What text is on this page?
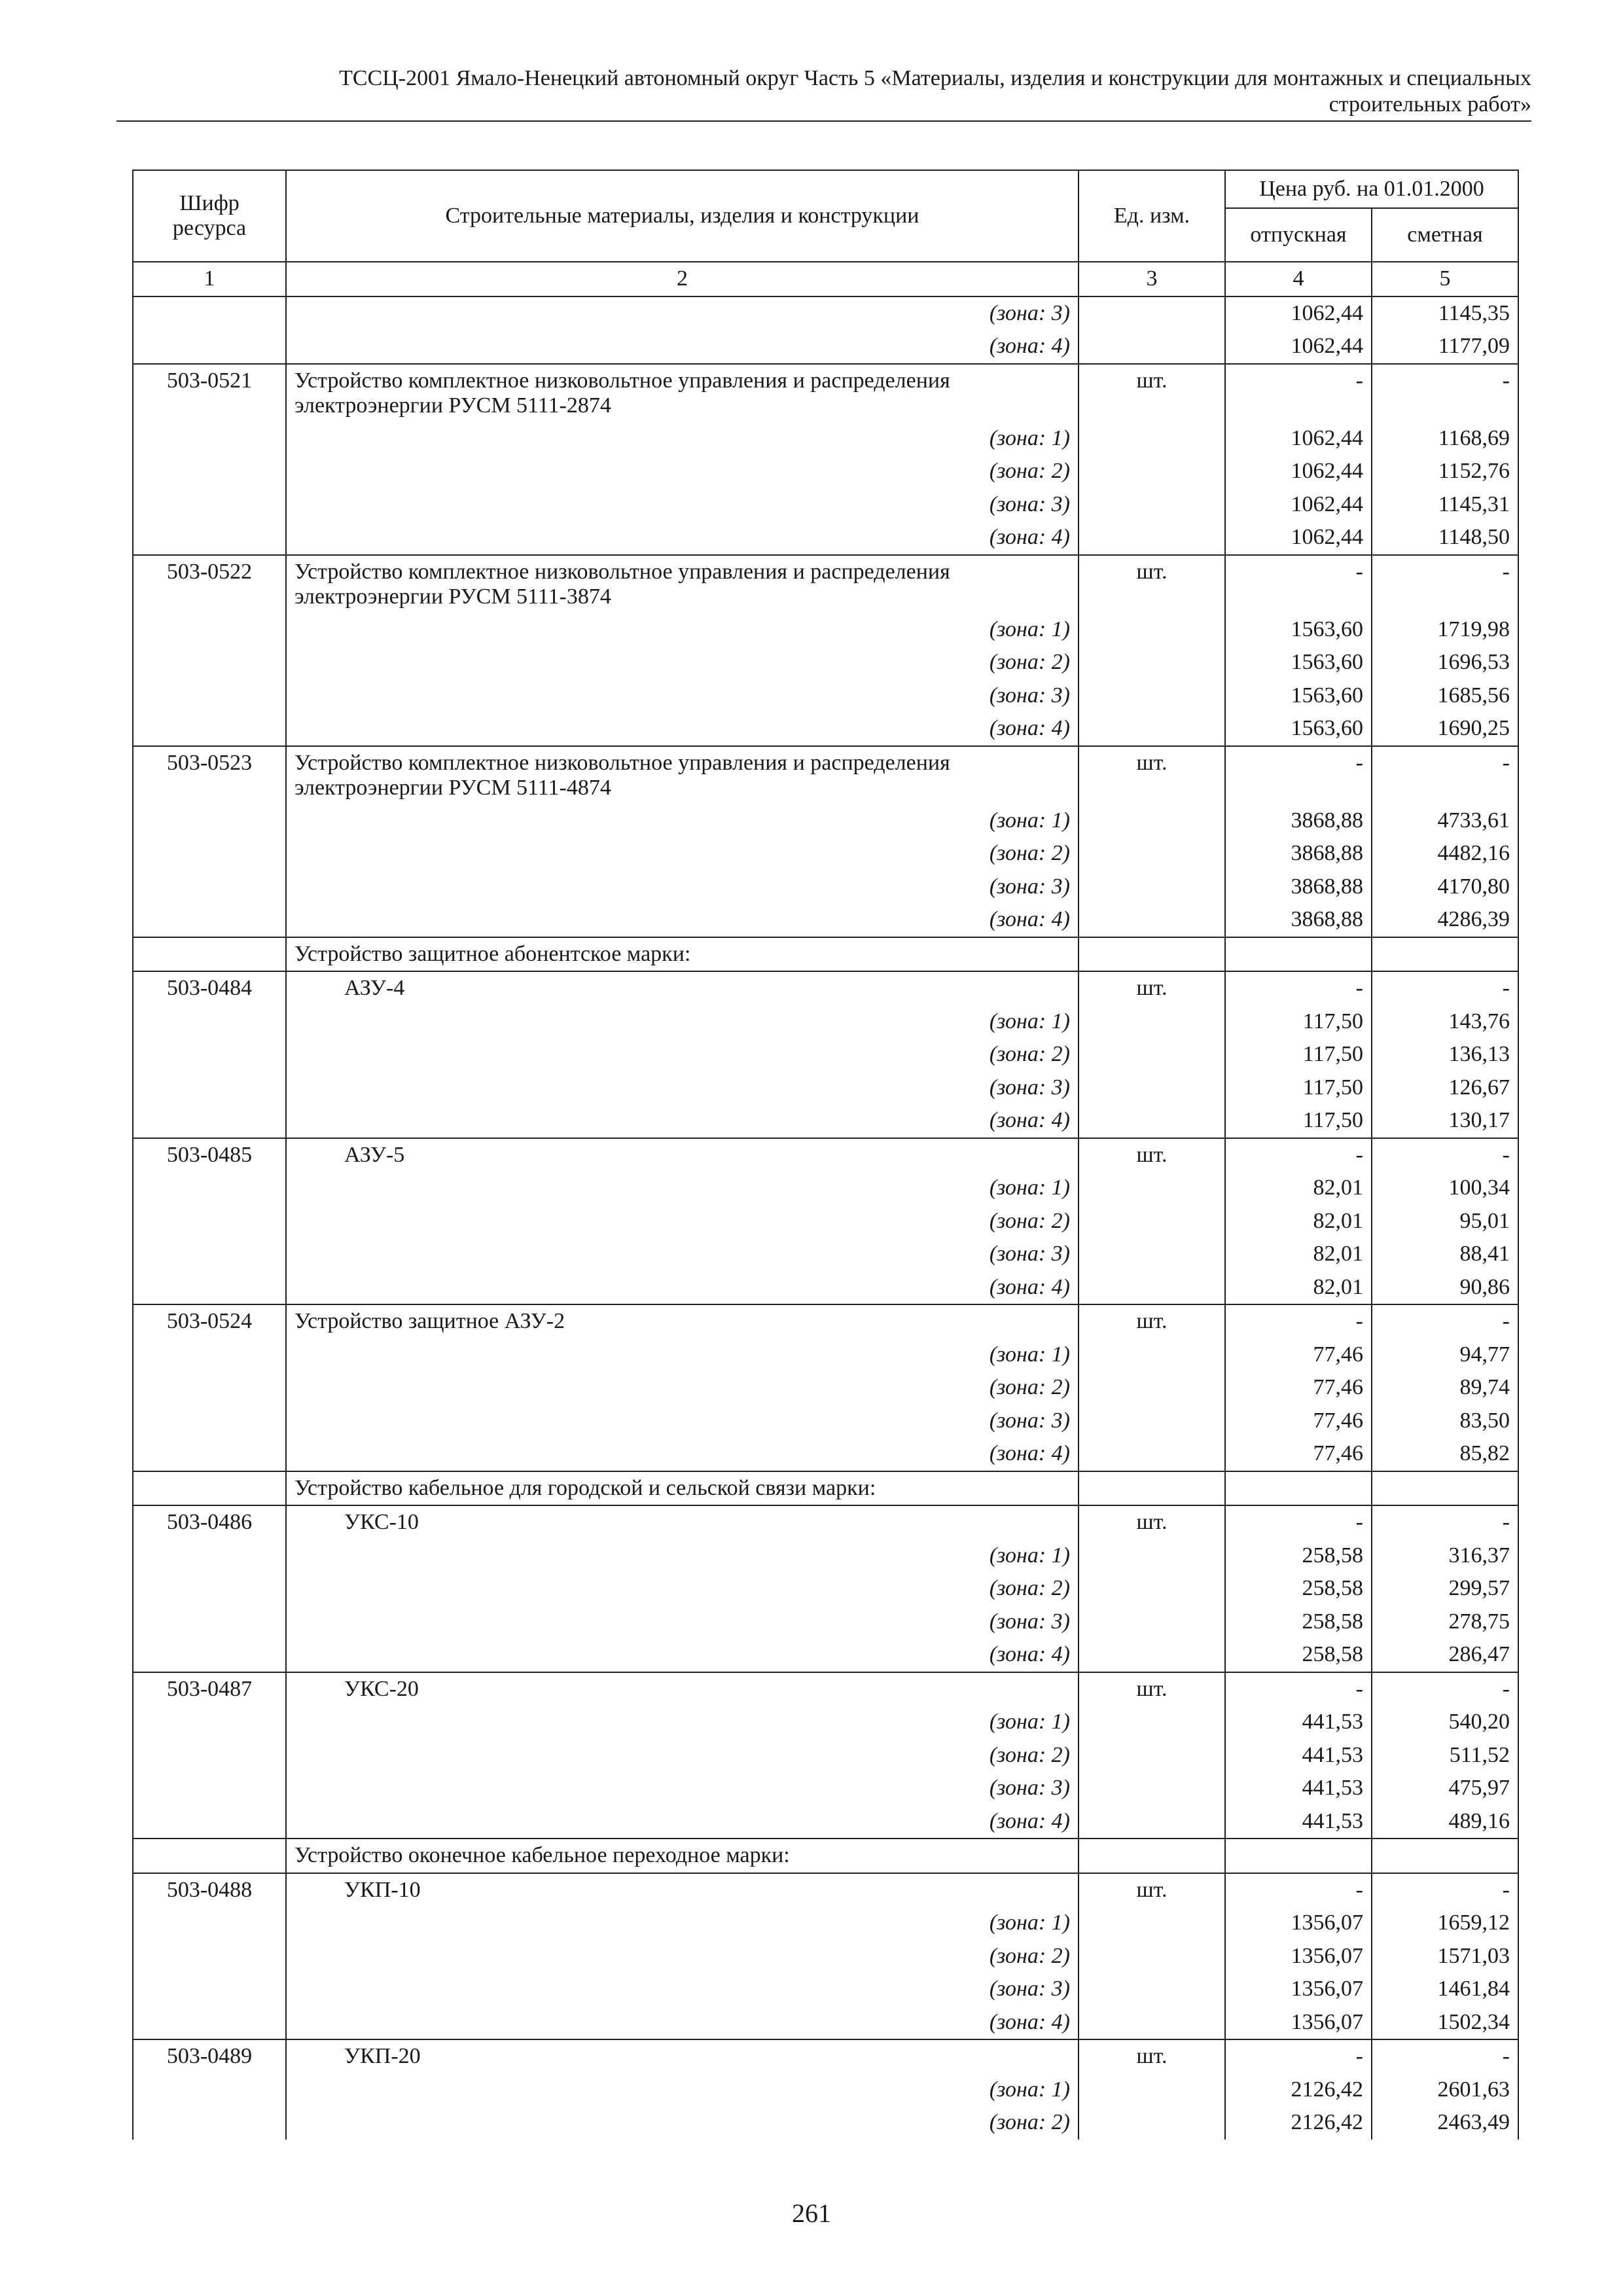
ТССЦ-2001 Ямало-Ненецкий автономный округ Часть 5 «Материалы, изделия и конструкции для монтажных и специальных
строительных работ»
Шифр ресурса	Строительные материалы, изделия и конструкции	Ед. изм.	Цена руб. на 01.01.2000	
			отпускная	сметная
1	2	3	4	5
	(зона: 3)		1062,44	1145,35
	(зона: 4)		1062,44	1177,09
503-0521	Устройство комплектное низковольтное управления и распределения электроэнергии РУСМ 5111-2874	шт.	-	-
	(зона: 1)		1062,44	1168,69
	(зона: 2)		1062,44	1152,76
	(зона: 3)		1062,44	1145,31
	(зона: 4)		1062,44	1148,50
503-0522	Устройство комплектное низковольтное управления и распределения электроэнергии РУСМ 5111-3874	шт.	-	-
	(зона: 1)		1563,60	1719,98
	(зона: 2)		1563,60	1696,53
	(зона: 3)		1563,60	1685,56
	(зона: 4)		1563,60	1690,25
503-0523	Устройство комплектное низковольтное управления и распределения электроэнергии РУСМ 5111-4874	шт.	-	-
	(зона: 1)		3868,88	4733,61
	(зона: 2)		3868,88	4482,16
	(зона: 3)		3868,88	4170,80
	(зона: 4)		3868,88	4286,39
	Устройство защитное абонентское марки:			
503-0484	АЗУ-4	шт.	-	-
	(зона: 1)		117,50	143,76
	(зона: 2)		117,50	136,13
	(зона: 3)		117,50	126,67
	(зона: 4)		117,50	130,17
503-0485	АЗУ-5	шт.	-	-
	(зона: 1)		82,01	100,34
	(зона: 2)		82,01	95,01
	(зона: 3)		82,01	88,41
	(зона: 4)		82,01	90,86
503-0524	Устройство защитное АЗУ-2	шт.	-	-
	(зона: 1)		77,46	94,77
	(зона: 2)		77,46	89,74
	(зона: 3)		77,46	83,50
	(зона: 4)		77,46	85,82
	Устройство кабельное для городской и сельской связи марки:			
503-0486	УКС-10	шт.	-	-
	(зона: 1)		258,58	316,37
	(зона: 2)		258,58	299,57
	(зона: 3)		258,58	278,75
	(зона: 4)		258,58	286,47
503-0487	УКС-20	шт.	-	-
	(зона: 1)		441,53	540,20
	(зона: 2)		441,53	511,52
	(зона: 3)		441,53	475,97
	(зона: 4)		441,53	489,16
	Устройство оконечное кабельное переходное марки:			
503-0488	УКП-10	шт.	-	-
	(зона: 1)		1356,07	1659,12
	(зона: 2)		1356,07	1571,03
	(зона: 3)		1356,07	1461,84
	(зона: 4)		1356,07	1502,34
503-0489	УКП-20	шт.	-	-
	(зона: 1)		2126,42	2601,63
	(зона: 2)		2126,42	2463,49
261
